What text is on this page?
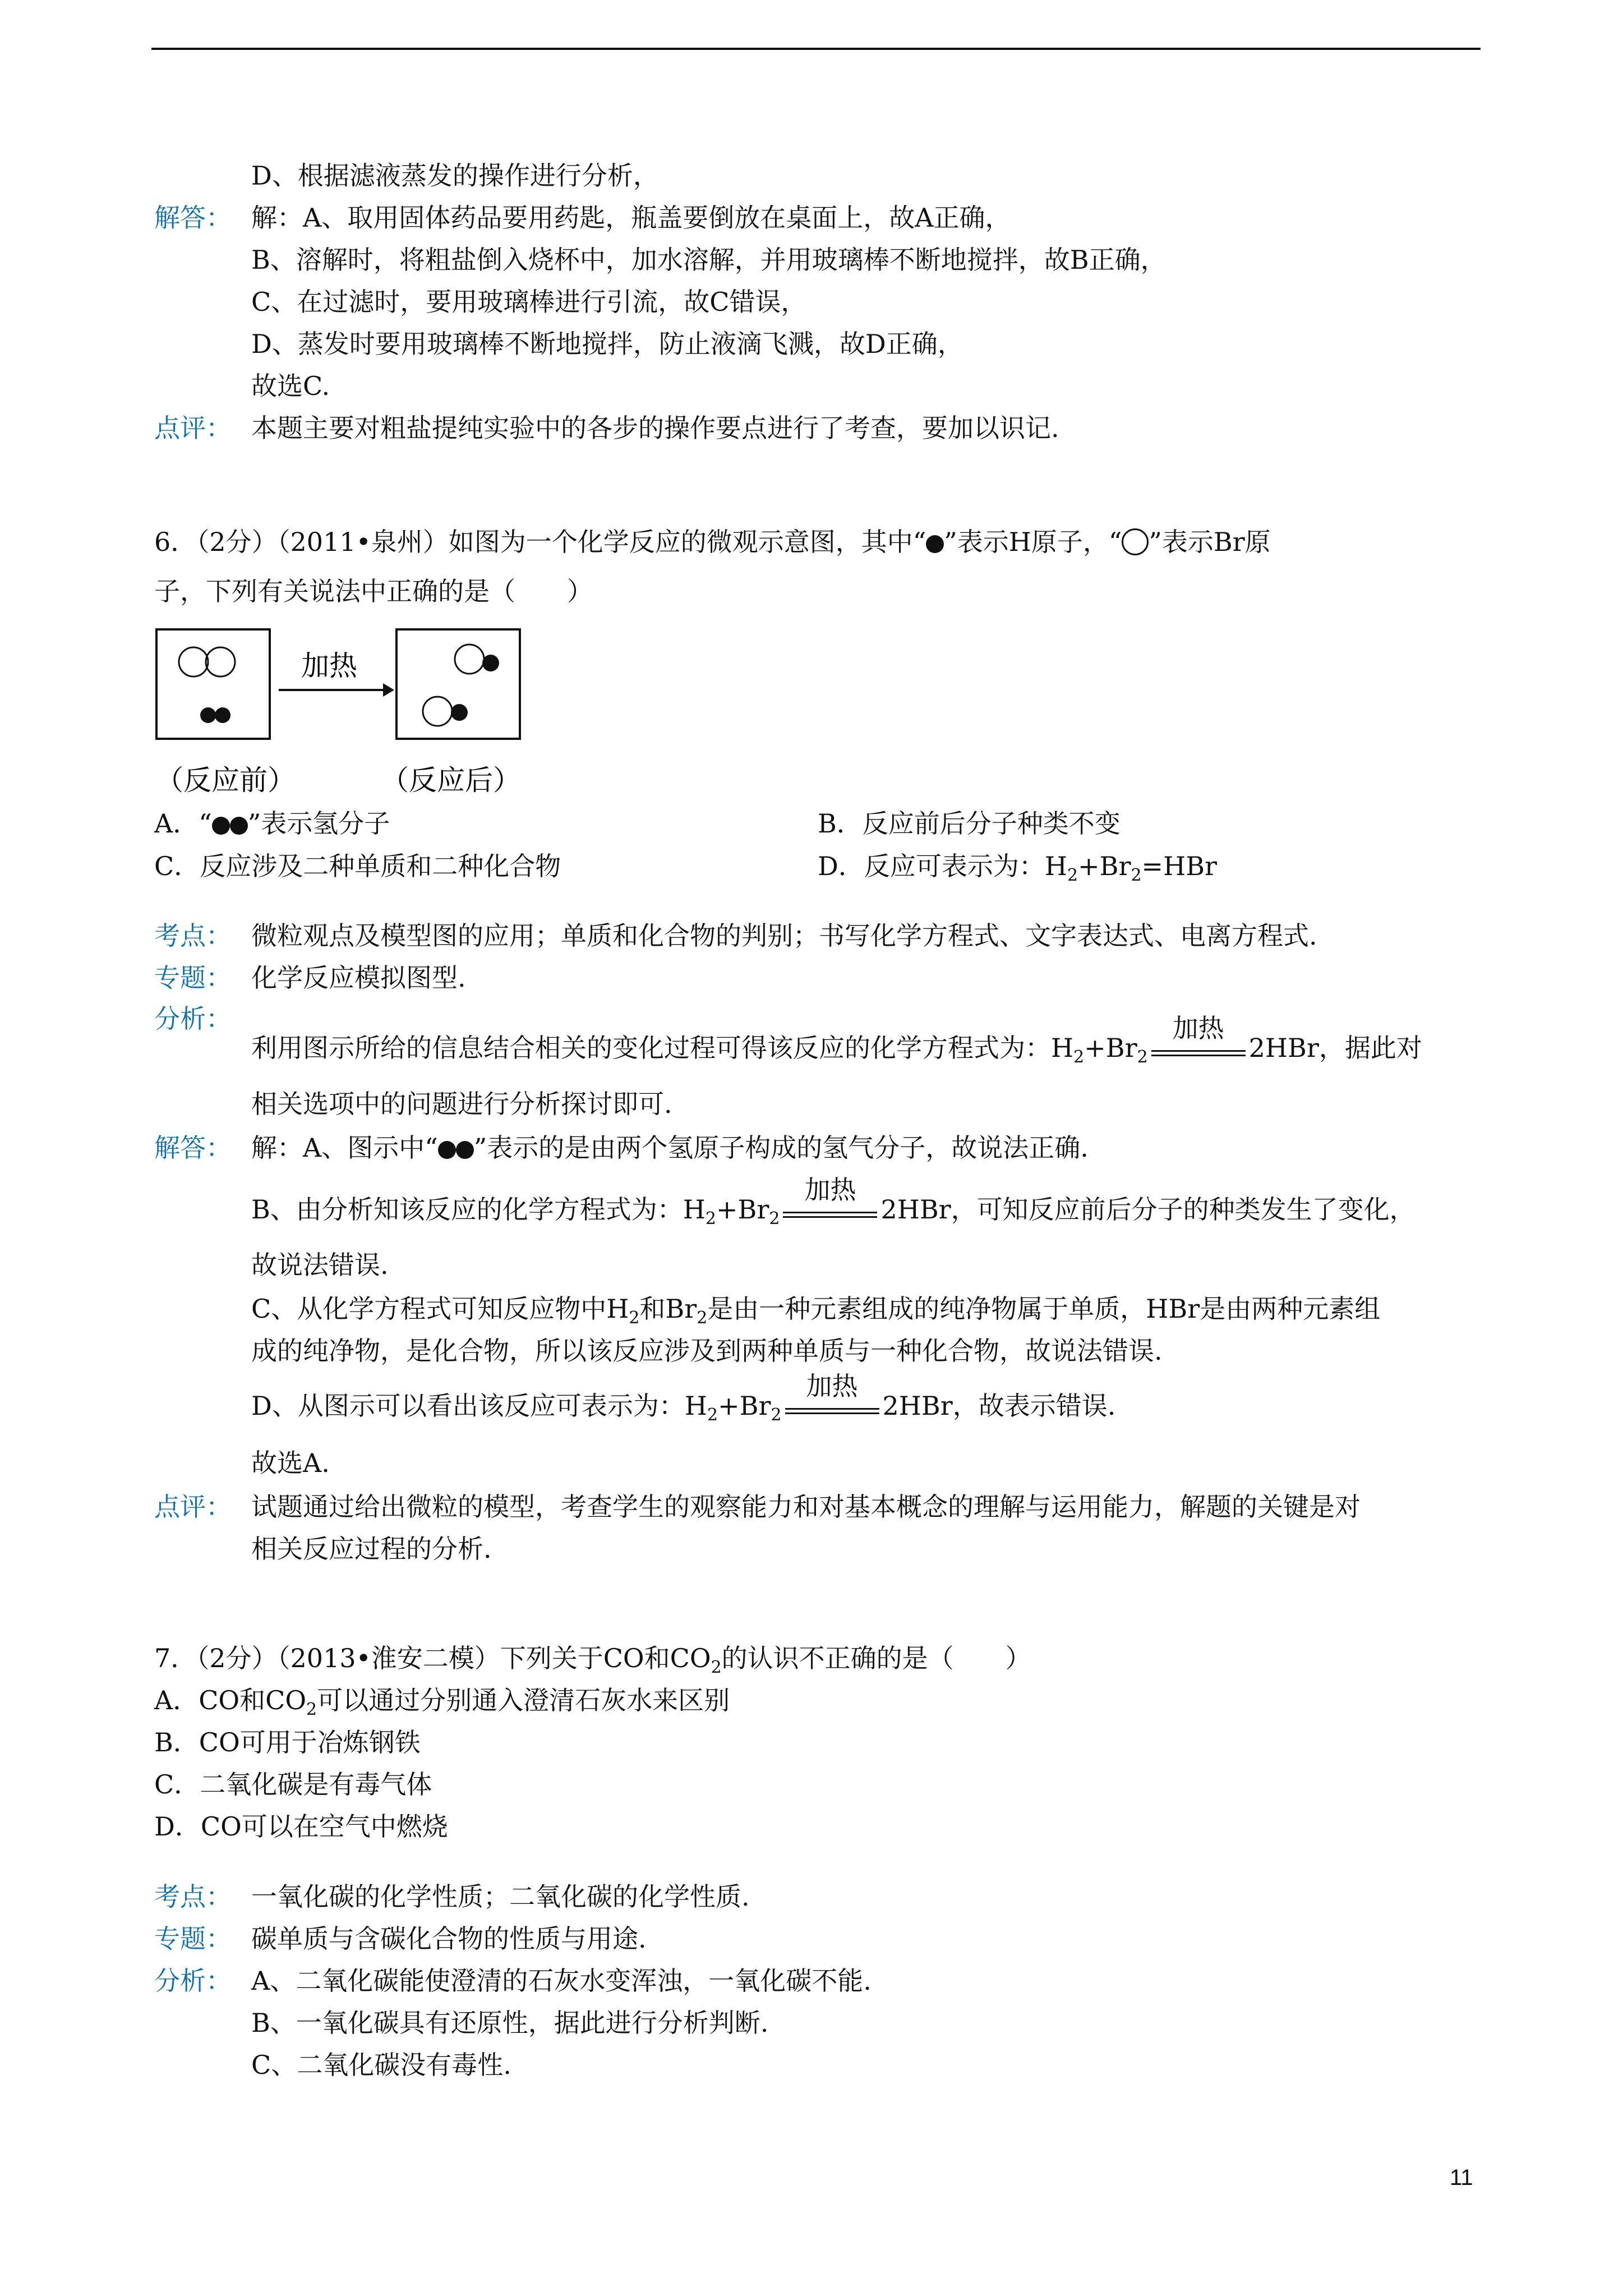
D、根据滤液蒸发的操作进行分析，
解答： 解：A、取用固体药品要用药匙，瓶盖要倒放在桌面上，故A正确，
B、溶解时，将粗盐倒入烧杯中，加水溶解，并用玻璃棒不断地搅拌，故B正确，
C、在过滤时，要用玻璃棒进行引流，故C错误，
D、蒸发时要用玻璃棒不断地搅拌，防止液滴飞溅，故D正确，
故选C.
点评： 本题主要对粗盐提纯实验中的各步的操作要点进行了考查，要加以识记.
6．（2分）（2011•泉州）如图为一个化学反应的微观示意图，其中“ ”表示H原子，“ ”表示Br原
子，下列有关说法中正确的是（　　）
加热
（反应前）	（反应后）
A．“ ”表示氢分子	B．反应前后分子种类不变
C．反应涉及二种单质和二种化合物	D．反应可表示为：$H_2+Br_2=HBr$
考点： 微粒观点及模型图的应用；单质和化合物的判别；书写化学方程式、文字表达式、电离方程式.
专题： 化学反应模拟图型.
分析：
利用图示所给的信息结合相关的变化过程可得该反应的化学方程式为：$H_2+Br_2$
加热
2HBr，据此对
相关选项中的问题进行分析探讨即可.
解答： 解：A、图示中“ ”表示的是由两个氢原子构成的氢气分子，故说法正确.
B、由分析知该反应的化学方程式为：$H_2+Br_2$
加热
2HBr，可知反应前后分子的种类发生了变化，
故说法错误.
C、从化学方程式可知反应物中$H_2$和$Br_2$是由一种元素组成的纯净物属于单质，HBr是由两种元素组
成的纯净物，是化合物，所以该反应涉及到两种单质与一种化合物，故说法错误.
D、从图示可以看出该反应可表示为：$H_2+Br_2$
加热
2HBr，故表示错误.
故选A.
点评： 试题通过给出微粒的模型，考查学生的观察能力和对基本概念的理解与运用能力，解题的关键是对
相关反应过程的分析.
7．（2分）（2013•淮安二模）下列关于CO和$CO_2$的认识不正确的是（　　）
A．CO和$CO_2$可以通过分别通入澄清石灰水来区别
B．CO可用于冶炼钢铁
C．二氧化碳是有毒气体
D．CO可以在空气中燃烧
考点： 一氧化碳的化学性质；二氧化碳的化学性质.
专题： 碳单质与含碳化合物的性质与用途.
分析： A、二氧化碳能使澄清的石灰水变浑浊，一氧化碳不能.
B、一氧化碳具有还原性，据此进行分析判断.
C、二氧化碳没有毒性.
11
